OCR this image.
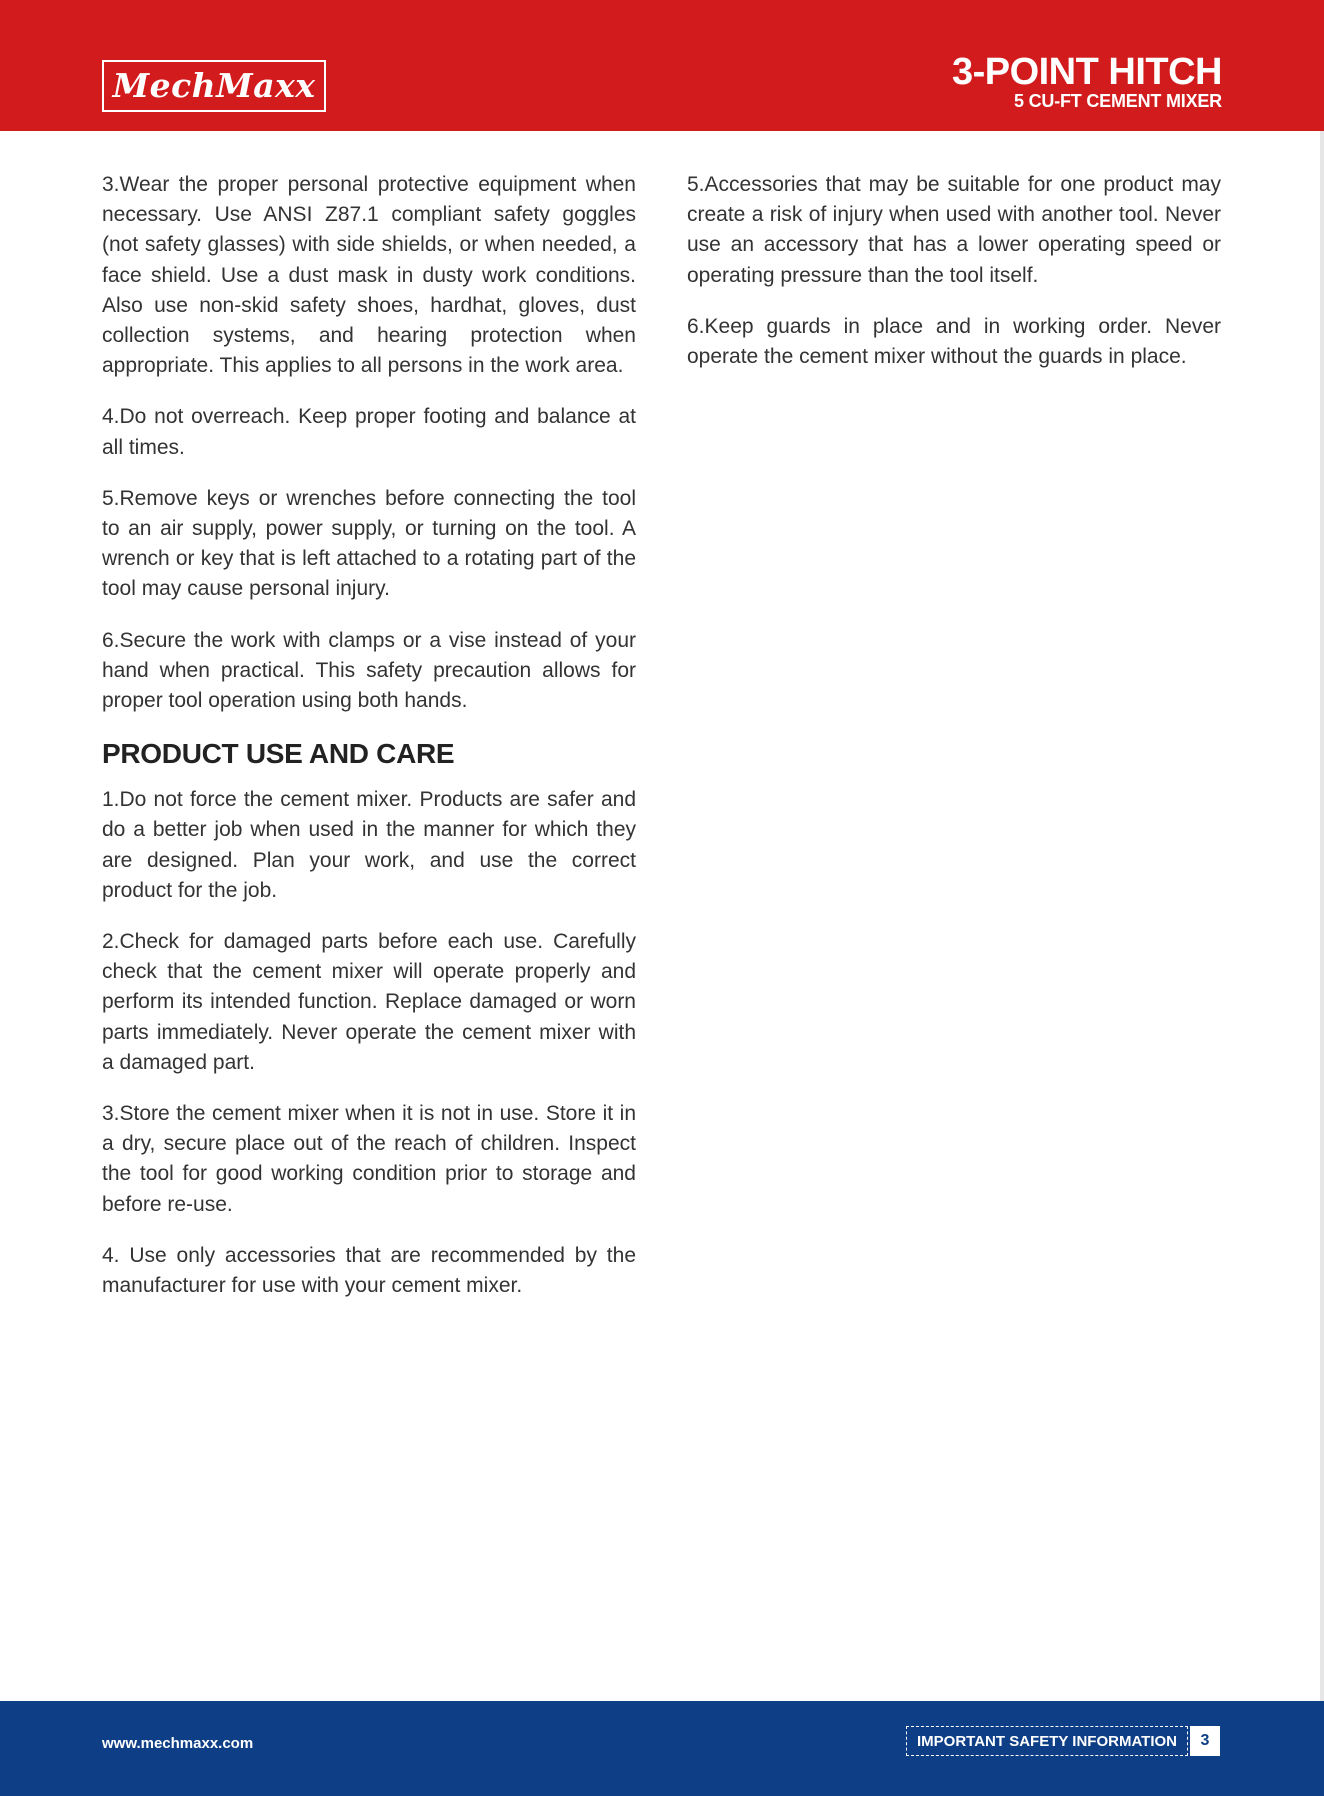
MechMaxx	3-POINT HITCH
5 CU-FT CEMENT MIXER

3.Wear the proper personal protective equipment when necessary. Use ANSI Z87.1 compliant safety goggles (not safety glasses) with side shields, or when needed, a face shield. Use a dust mask in dusty work conditions. Also use non-skid safety shoes, hardhat, gloves, dust collection systems, and hearing protection when appropriate. This applies to all persons in the work area.

4.Do not overreach. Keep proper footing and balance at all times.

5.Remove keys or wrenches before connecting the tool to an air supply, power supply, or turning on the tool. A wrench or key that is left attached to a rotating part of the tool may cause personal injury.

6.Secure the work with clamps or a vise instead of your hand when practical. This safety precaution allows for proper tool operation using both hands.

PRODUCT USE AND CARE

1.Do not force the cement mixer. Products are safer and do a better job when used in the manner for which they are designed. Plan your work, and use the correct product for the job.

2.Check for damaged parts before each use. Carefully check that the cement mixer will operate properly and perform its intended function. Replace damaged or worn parts immediately. Never operate the cement mixer with a damaged part.

3.Store the cement mixer when it is not in use. Store it in a dry, secure place out of the reach of children. Inspect the tool for good working condition prior to storage and before re-use.

4. Use only accessories that are recommended by the manufacturer for use with your cement mixer.

5.Accessories that may be suitable for one product may create a risk of injury when used with another tool. Never use an accessory that has a lower operating speed or operating pressure than the tool itself.

6.Keep guards in place and in working order. Never operate the cement mixer without the guards in place.

www.mechmaxx.com	IMPORTANT SAFETY INFORMATION	3
